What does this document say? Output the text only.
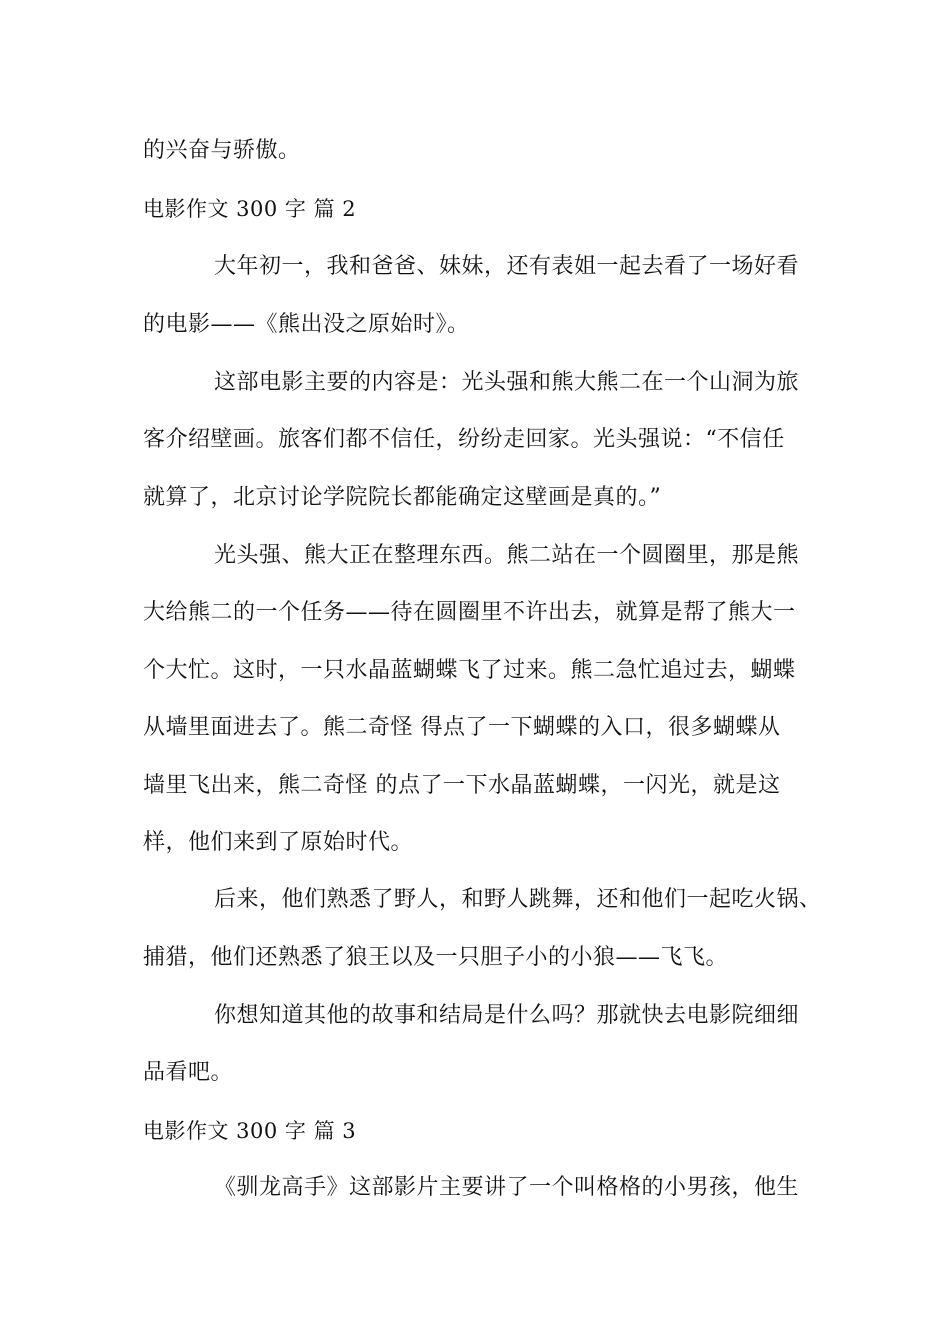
的兴奋与骄傲。
电影作文 300 字 篇 2
大年初一，我和爸爸、妹妹，还有表姐一起去看了一场好看
的电影——《熊出没之原始时》。
这部电影主要的内容是：光头强和熊大熊二在一个山洞为旅
客介绍壁画。旅客们都不信任，纷纷走回家。光头强说：“不信任
就算了，北京讨论学院院长都能确定这壁画是真的。”
光头强、熊大正在整理东西。熊二站在一个圆圈里，那是熊
大给熊二的一个任务——待在圆圈里不许出去，就算是帮了熊大一
个大忙。这时，一只水晶蓝蝴蝶飞了过来。熊二急忙追过去，蝴蝶
从墙里面进去了。熊二奇怪 得点了一下蝴蝶的入口，很多蝴蝶从
墙里飞出来，熊二奇怪 的点了一下水晶蓝蝴蝶，一闪光，就是这
样，他们来到了原始时代。
后来，他们熟悉了野人，和野人跳舞，还和他们一起吃火锅、
捕猎，他们还熟悉了狼王以及一只胆子小的小狼——飞飞。
你想知道其他的故事和结局是什么吗？那就快去电影院细细
品看吧。
电影作文 300 字 篇 3
《驯龙高手》这部影片主要讲了一个叫格格的小男孩，他生
